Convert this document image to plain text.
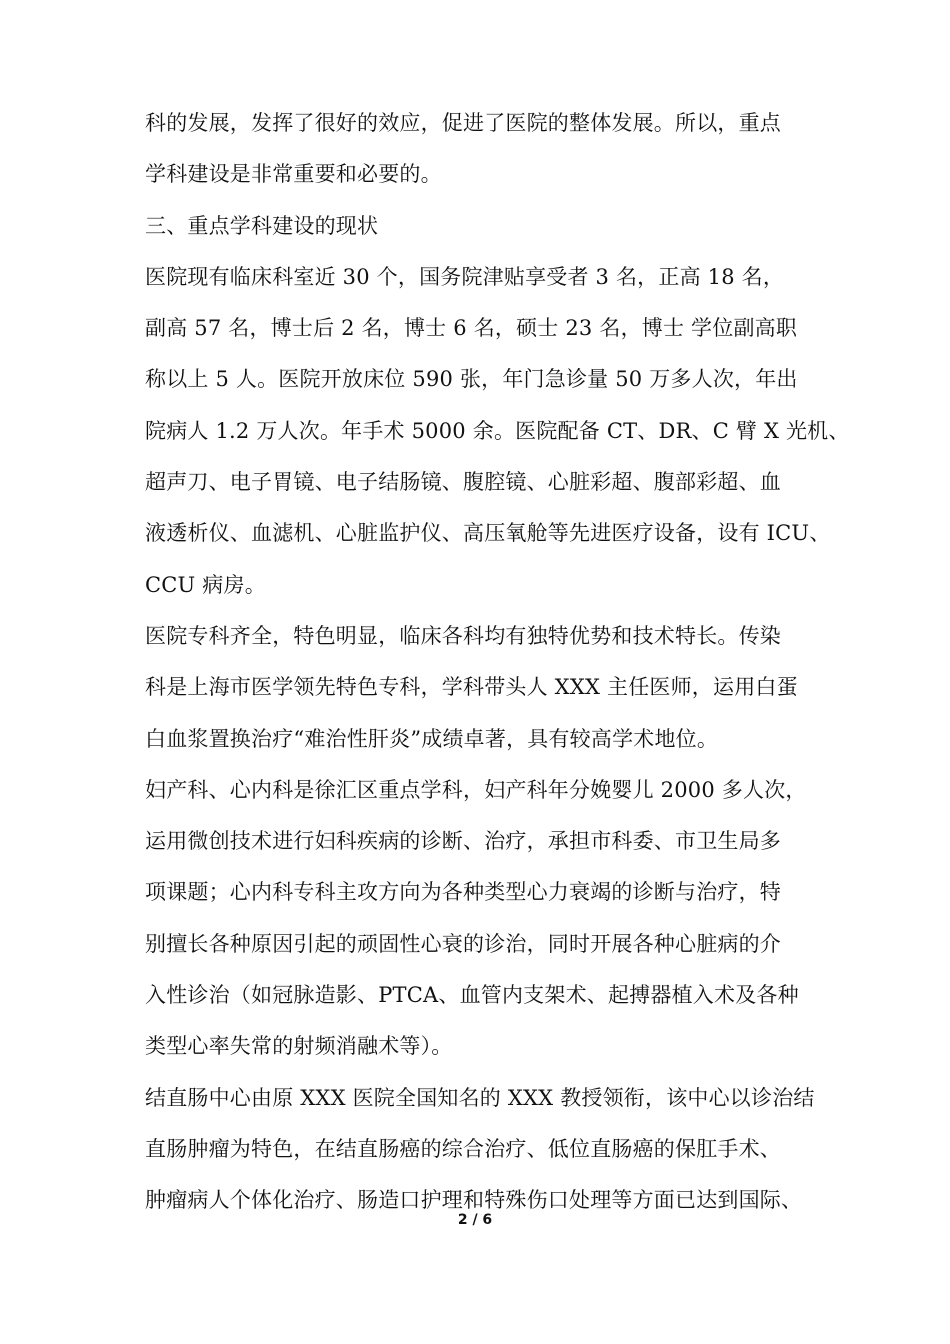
科的发展，发挥了很好的效应，促进了医院的整体发展。所以，重点
学科建设是非常重要和必要的。
三、重点学科建设的现状
医院现有临床科室近 30 个，国务院津贴享受者 3 名，正高 18 名，
副高 57 名，博士后 2 名，博士 6 名，硕士 23 名，博士 学位副高职
称以上 5 人。医院开放床位 590 张，年门急诊量 50 万多人次，年出
院病人 1.2 万人次。年手术 5000 余。医院配备 CT、DR、C 臂 X 光机、
超声刀、电子胃镜、电子结肠镜、腹腔镜、心脏彩超、腹部彩超、血
液透析仪、血滤机、心脏监护仪、高压氧舱等先进医疗设备，设有 ICU、
CCU 病房。
医院专科齐全，特色明显，临床各科均有独特优势和技术特长。传染
科是上海市医学领先特色专科，学科带头人 XXX 主任医师，运用白蛋
白血浆置换治疗“难治性肝炎”成绩卓著，具有较高学术地位。
妇产科、心内科是徐汇区重点学科，妇产科年分娩婴儿 2000 多人次，
运用微创技术进行妇科疾病的诊断、治疗，承担市科委、市卫生局多
项课题；心内科专科主攻方向为各种类型心力衰竭的诊断与治疗，特
别擅长各种原因引起的顽固性心衰的诊治，同时开展各种心脏病的介
入性诊治（如冠脉造影、PTCA、血管内支架术、起搏器植入术及各种
类型心率失常的射频消融术等）。
结直肠中心由原 XXX 医院全国知名的 XXX 教授领衔，该中心以诊治结
直肠肿瘤为特色，在结直肠癌的综合治疗、低位直肠癌的保肛手术、
肿瘤病人个体化治疗、肠造口护理和特殊伤口处理等方面已达到国际、
2 / 6
